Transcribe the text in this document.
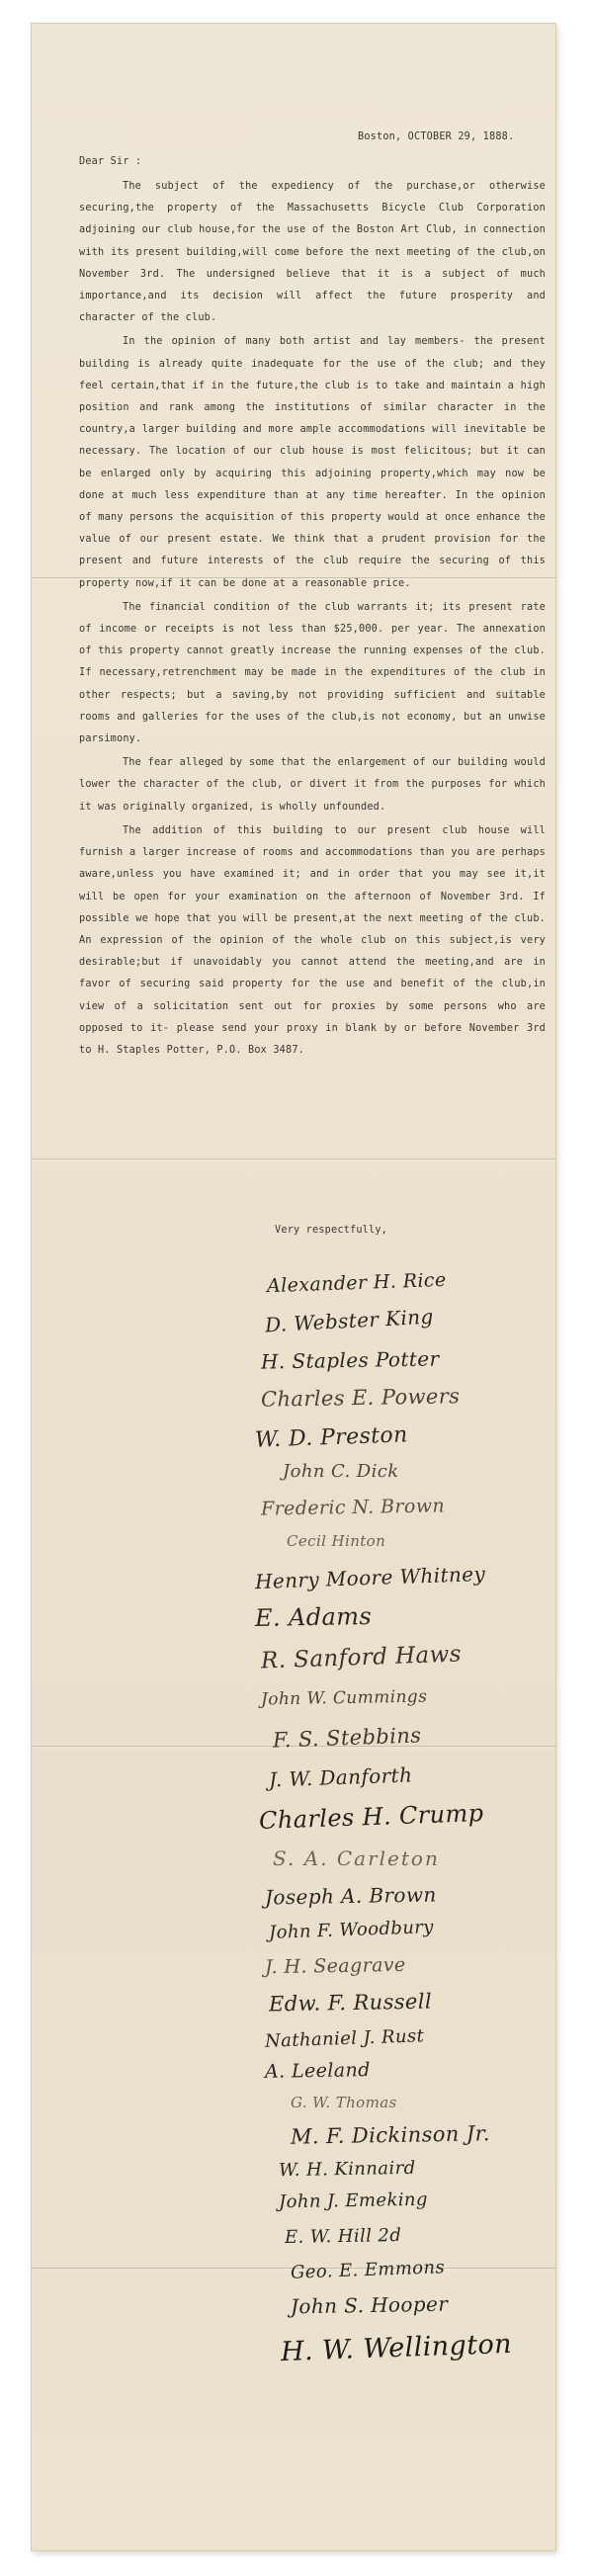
Boston, OCTOBER 29, 1888.
Dear Sir :

The subject of the expediency of the purchase,or otherwise securing,the property of the Massachusetts Bicycle Club Corporation adjoining our club house,for the use of the Boston Art Club, in connection with its present building,will come before the next meeting of the club,on November 3rd. The undersigned believe that it is a subject of much importance,and its decision will affect the future prosperity and character of the club.

In the opinion of many both artist and lay members- the present building is already quite inadequate for the use of the club; and they feel certain,that if in the future,the club is to take and maintain a high position and rank among the institutions of similar character in the country,a larger building and more ample accommodations will inevitable be necessary. The location of our club house is most felicitous; but it can be enlarged only by acquiring this adjoining property,which may now be done at much less expenditure than at any time hereafter. In the opinion of many persons the acquisition of this property would at once enhance the value of our present estate. We think that a prudent provision for the present and future interests of the club require the securing of this property now,if it can be done at a reasonable price.

The financial condition of the club warrants it; its present rate of income or receipts is not less than $25,000. per year. The annexation of this property cannot greatly increase the running expenses of the club. If necessary,retrenchment may be made in the expenditures of the club in other respects; but a saving,by not providing sufficient and suitable rooms and galleries for the uses of the club,is not economy, but an unwise parsimony.

The fear alleged by some that the enlargement of our building would lower the character of the club, or divert it from the purposes for which it was originally organized, is wholly unfounded.

The addition of this building to our present club house will furnish a larger increase of rooms and accommodations than you are perhaps aware,unless you have examined it; and in order that you may see it,it will be open for your examination on the afternoon of November 3rd. If possible we hope that you will be present,at the next meeting of the club. An expression of the opinion of the whole club on this subject,is very desirable;but if unavoidably you cannot attend the meeting,and are in favor of securing said property for the use and benefit of the club,in view of a solicitation sent out for proxies by some persons who are opposed to it- please send your proxy in blank by or before November 3rd to H. Staples Potter, P.O. Box 3487.

Very respectfully,
Alexander H. Rice
D. Webster King
H. Staples Potter
Charles E. Powers
W. D. Preston
John C. Dick
Frederic N. Brown
Cecil Hinton
Henry Moore Whitney
E. Adams
R. Sanford Haws
John W. Cummings
F. S. Stebbins
J. W. Danforth
Charles H. Crump
S. A. Carleton
Joseph A. Brown
John F. Woodbury
J. H. Seagrave
Edw. F. Russell
Nathaniel J. Rust
A. Leeland
G. W. Thomas
M. F. Dickinson Jr.
W. H. Kinnaird
John J. Emeking
E. W. Hill 2d
Geo. E. Emmons
John S. Hooper
H. W. Wellington
